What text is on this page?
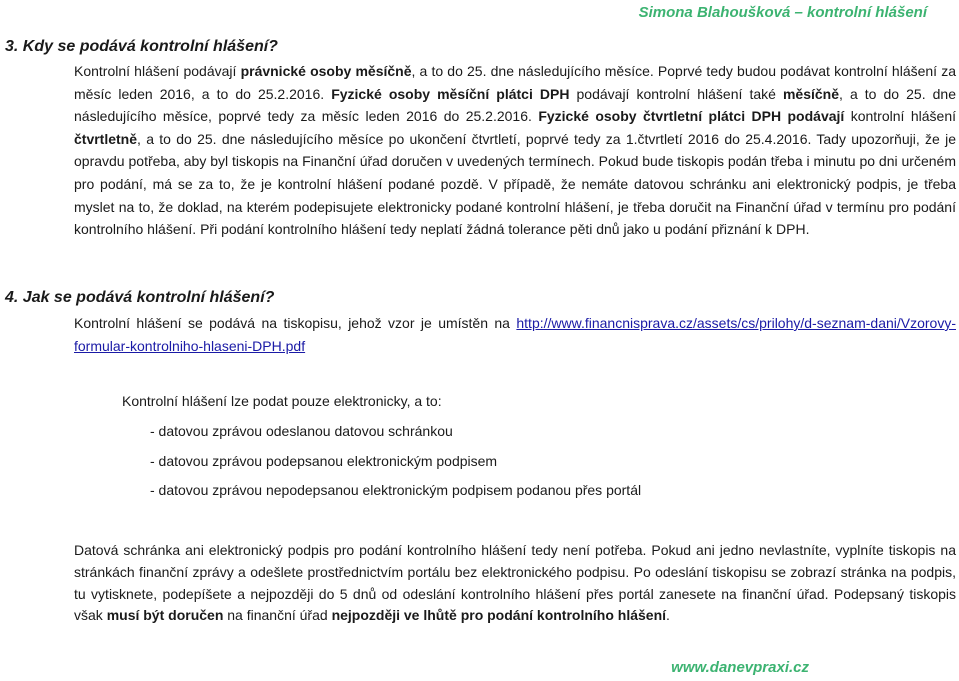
Simona Blahoušková – kontrolní hlášení
3. Kdy se podává kontrolní hlášení?
Kontrolní hlášení podávají právnické osoby měsíčně, a to do 25. dne následujícího měsíce. Poprvé tedy budou podávat kontrolní hlášení za měsíc leden 2016, a to do 25.2.2016. Fyzické osoby měsíční plátci DPH podávají kontrolní hlášení také měsíčně, a to do 25. dne následujícího měsíce, poprvé tedy za měsíc leden 2016 do 25.2.2016. Fyzické osoby čtvrtletní plátci DPH podávají kontrolní hlášení čtvrtletně, a to do 25. dne následujícího měsíce po ukončení čtvrtletí, poprvé tedy za 1.čtvrtletí 2016 do 25.4.2016. Tady upozorňuji, že je opravdu potřeba, aby byl tiskopis na Finanční úřad doručen v uvedených termínech. Pokud bude tiskopis podán třeba i minutu po dni určeném pro podání, má se za to, že je kontrolní hlášení podané pozdě. V případě, že nemáte datovou schránku ani elektronický podpis, je třeba myslet na to, že doklad, na kterém podepisujete elektronicky podané kontrolní hlášení, je třeba doručit na Finanční úřad v termínu pro podání kontrolního hlášení. Při podání kontrolního hlášení tedy neplatí žádná tolerance pěti dnů jako u podání přiznání k DPH.
4. Jak se podává kontrolní hlášení?
Kontrolní hlášení se podává na tiskopisu, jehož vzor je umístěn na http://www.financnisprava.cz/assets/cs/prilohy/d-seznam-dani/Vzorovy-formular-kontrolniho-hlaseni-DPH.pdf
Kontrolní hlášení lze podat pouze elektronicky, a to:
- datovou zprávou odeslanou datovou schránkou
- datovou zprávou podepsanou elektronickým podpisem
- datovou zprávou nepodepsanou elektronickým podpisem podanou přes portál
Datová schránka ani elektronický podpis pro podání kontrolního hlášení tedy není potřeba. Pokud ani jedno nevlastníte, vyplníte tiskopis na stránkách finanční zprávy a odešlete prostřednictvím portálu bez elektronického podpisu. Po odeslání tiskopisu se zobrazí stránka na podpis, tu vytisknete, podepíšete a nejpozději do 5 dnů od odeslání kontrolního hlášení přes portál zanesete na finanční úřad. Podepsaný tiskopis však musí být doručen na finanční úřad nejpozději ve lhůtě pro podání kontrolního hlášení.
www.danevpraxi.cz
